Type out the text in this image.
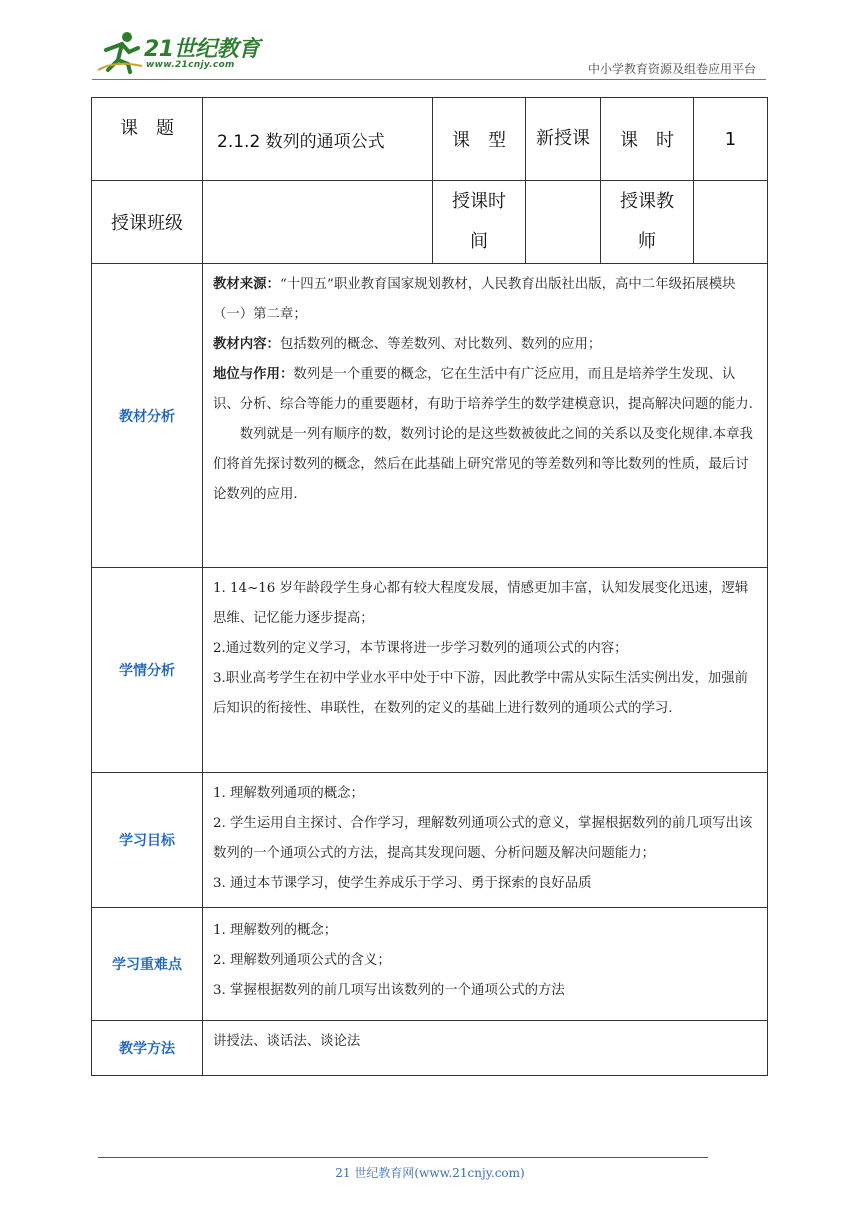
21世纪教育
www.21cnjy.com	中小学教育资源及组卷应用平台
课　题	2.1.2 数列的通项公式	课　型	新授课	课　时	1
授课班级		授课时间		授课教师	
教材分析	教材来源：“十四五”职业教育国家规划教材，人民教育出版社出版，高中二年级拓展模块（一）第二章；

教材内容：包括数列的概念、等差数列、对比数列、数列的应用；

地位与作用：数列是一个重要的概念，它在生活中有广泛应用，而且是培养学生发现、认识、分析、综合等能力的重要题材，有助于培养学生的数学建模意识，提高解决问题的能力.

数列就是一列有顺序的数，数列讨论的是这些数被彼此之间的关系以及变化规律.本章我们将首先探讨数列的概念，然后在此基础上研究常见的等差数列和等比数列的性质，最后讨论数列的应用.				

学情分析	1. 14~16 岁年龄段学生身心都有较大程度发展，情感更加丰富，认知发展变化迅速，逻辑思维、记忆能力逐步提高；

2.通过数列的定义学习，本节课将进一步学习数列的通项公式的内容；

3.职业高考学生在初中学业水平中处于中下游，因此教学中需从实际生活实例出发，加强前后知识的衔接性、串联性，在数列的定义的基础上进行数列的通项公式的学习.				

学习目标	1. 理解数列通项的概念；

2. 学生运用自主探讨、合作学习，理解数列通项公式的意义，掌握根据数列的前几项写出该数列的一个通项公式的方法，提高其发现问题、分析问题及解决问题能力；

3. 通过本节课学习，使学生养成乐于学习、勇于探索的良好品质				

学习重难点	1. 理解数列的概念；

2. 理解数列通项公式的含义；

3. 掌握根据数列的前几项写出该数列的一个通项公式的方法				

教学方法	讲授法、谈话法、谈论法				
21 世纪教育网(www.21cnjy.com)
